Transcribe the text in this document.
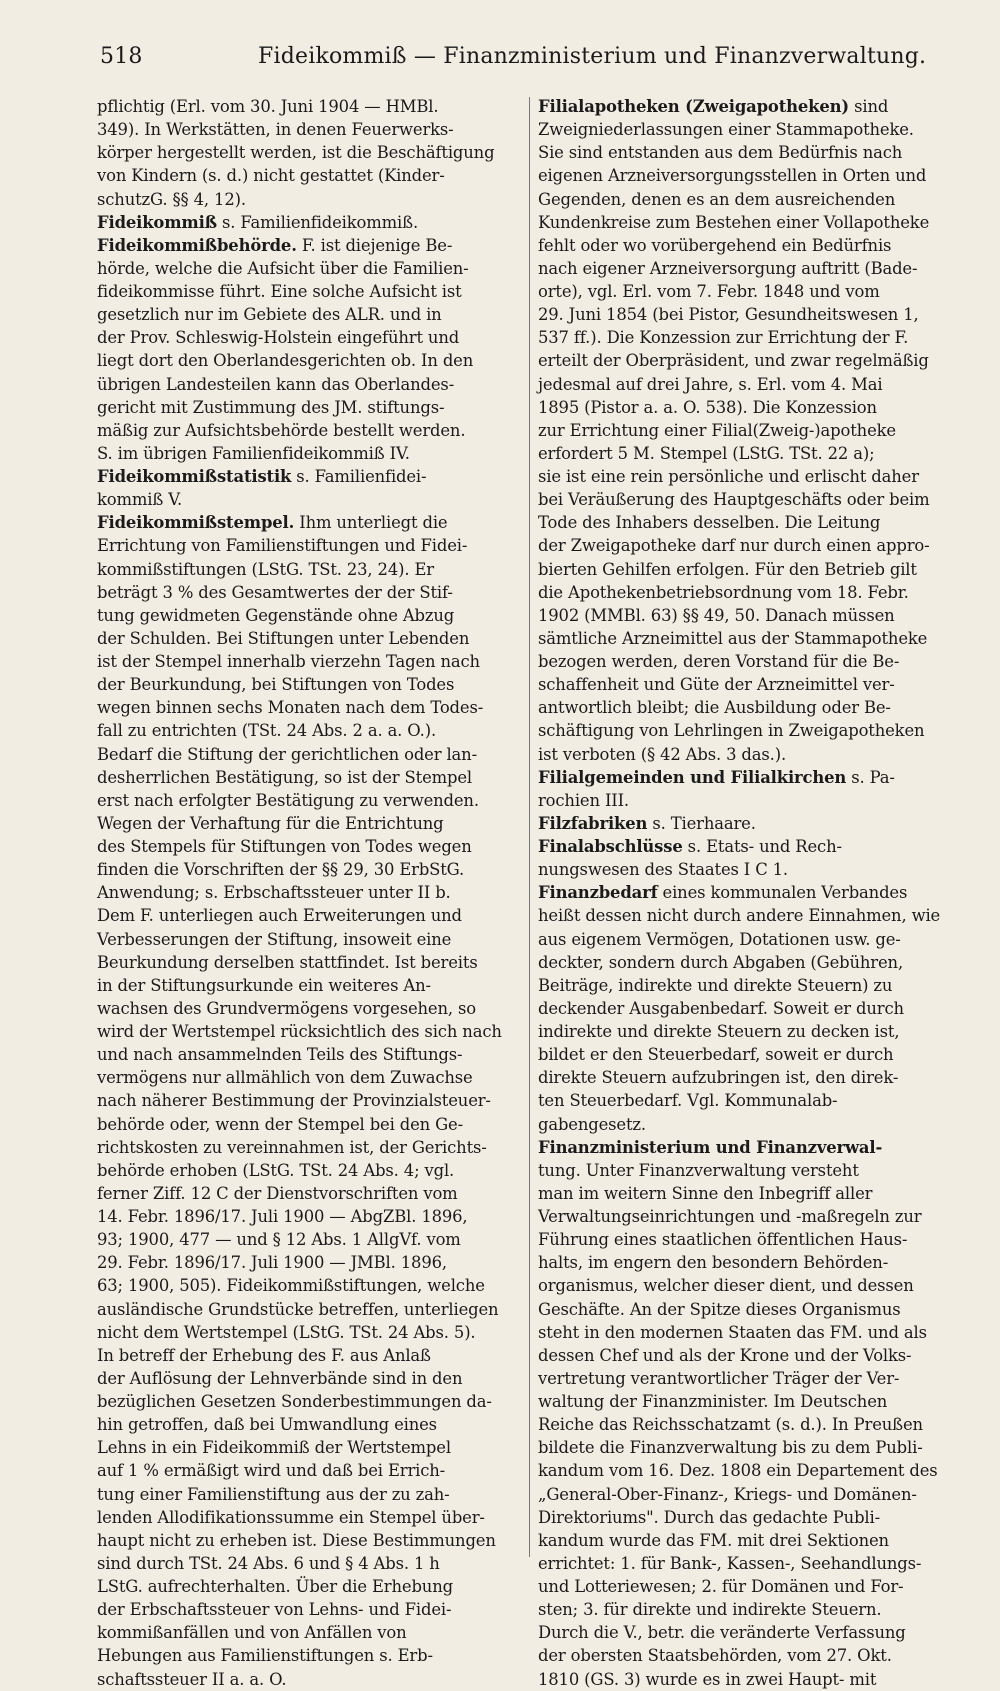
518	Fideikommiß — Finanzministerium und Finanzverwaltung.
pflichtig (Erl. vom 30. Juni 1904 — HMBl.
349). In Werkstätten, in denen Feuerwerks-
körper hergestellt werden, ist die Beschäftigung
von Kindern (s. d.) nicht gestattet (Kinder-
schutzG. §§ 4, 12).
Fideikommiß s. Familienfideikommiß.
Fideikommißbehörde. F. ist diejenige Be-
hörde, welche die Aufsicht über die Familien-
fideikommisse führt. Eine solche Aufsicht ist
gesetzlich nur im Gebiete des ALR. und in
der Prov. Schleswig-Holstein eingeführt und
liegt dort den Oberlandesgerichten ob. In den
übrigen Landesteilen kann das Oberlandes-
gericht mit Zustimmung des JM. stiftungs-
mäßig zur Aufsichtsbehörde bestellt werden.
S. im übrigen Familienfideikommiß IV.
Fideikommißstatistik s. Familienfidei-
kommiß V.
Fideikommißstempel. Ihm unterliegt die
Errichtung von Familienstiftungen und Fidei-
kommißstiftungen (LStG. TSt. 23, 24). Er
beträgt 3 % des Gesamtwertes der der Stif-
tung gewidmeten Gegenstände ohne Abzug
der Schulden. Bei Stiftungen unter Lebenden
ist der Stempel innerhalb vierzehn Tagen nach
der Beurkundung, bei Stiftungen von Todes
wegen binnen sechs Monaten nach dem Todes-
fall zu entrichten (TSt. 24 Abs. 2 a. a. O.).
Bedarf die Stiftung der gerichtlichen oder lan-
desherrlichen Bestätigung, so ist der Stempel
erst nach erfolgter Bestätigung zu verwenden.
Wegen der Verhaftung für die Entrichtung
des Stempels für Stiftungen von Todes wegen
finden die Vorschriften der §§ 29, 30 ErbStG.
Anwendung; s. Erbschaftssteuer unter II b.
Dem F. unterliegen auch Erweiterungen und
Verbesserungen der Stiftung, insoweit eine
Beurkundung derselben stattfindet. Ist bereits
in der Stiftungsurkunde ein weiteres An-
wachsen des Grundvermögens vorgesehen, so
wird der Wertstempel rücksichtlich des sich nach
und nach ansammelnden Teils des Stiftungs-
vermögens nur allmählich von dem Zuwachse
nach näherer Bestimmung der Provinzialsteuer-
behörde oder, wenn der Stempel bei den Ge-
richtskosten zu vereinnahmen ist, der Gerichts-
behörde erhoben (LStG. TSt. 24 Abs. 4; vgl.
ferner Ziff. 12 C der Dienstvorschriften vom
14. Febr. 1896/17. Juli 1900 — AbgZBl. 1896,
93; 1900, 477 — und § 12 Abs. 1 AllgVf. vom
29. Febr. 1896/17. Juli 1900 — JMBl. 1896,
63; 1900, 505). Fideikommißstiftungen, welche
ausländische Grundstücke betreffen, unterliegen
nicht dem Wertstempel (LStG. TSt. 24 Abs. 5).
In betreff der Erhebung des F. aus Anlaß
der Auflösung der Lehnverbände sind in den
bezüglichen Gesetzen Sonderbestimmungen da-
hin getroffen, daß bei Umwandlung eines
Lehns in ein Fideikommiß der Wertstempel
auf 1 % ermäßigt wird und daß bei Errich-
tung einer Familienstiftung aus der zu zah-
lenden Allodifikationssumme ein Stempel über-
haupt nicht zu erheben ist. Diese Bestimmungen
sind durch TSt. 24 Abs. 6 und § 4 Abs. 1 h
LStG. aufrechterhalten. Über die Erhebung
der Erbschaftssteuer von Lehns- und Fidei-
kommißanfällen und von Anfällen von
Hebungen aus Familienstiftungen s. Erb-
schaftssteuer II a. a. O.
Filialapotheken (Zweigapotheken) sind
Zweigniederlassungen einer Stammapotheke.
Sie sind entstanden aus dem Bedürfnis nach
eigenen Arzneiversorgungsstellen in Orten und
Gegenden, denen es an dem ausreichenden
Kundenkreise zum Bestehen einer Vollapotheke
fehlt oder wo vorübergehend ein Bedürfnis
nach eigener Arzneiversorgung auftritt (Bade-
orte), vgl. Erl. vom 7. Febr. 1848 und vom
29. Juni 1854 (bei Pistor, Gesundheitswesen 1,
537 ff.). Die Konzession zur Errichtung der F.
erteilt der Oberpräsident, und zwar regelmäßig
jedesmal auf drei Jahre, s. Erl. vom 4. Mai
1895 (Pistor a. a. O. 538). Die Konzession
zur Errichtung einer Filial(Zweig-)apotheke
erfordert 5 M. Stempel (LStG. TSt. 22 a);
sie ist eine rein persönliche und erlischt daher
bei Veräußerung des Hauptgeschäfts oder beim
Tode des Inhabers desselben. Die Leitung
der Zweigapotheke darf nur durch einen appro-
bierten Gehilfen erfolgen. Für den Betrieb gilt
die Apothekenbetriebsordnung vom 18. Febr.
1902 (MMBl. 63) §§ 49, 50. Danach müssen
sämtliche Arzneimittel aus der Stammapotheke
bezogen werden, deren Vorstand für die Be-
schaffenheit und Güte der Arzneimittel ver-
antwortlich bleibt; die Ausbildung oder Be-
schäftigung von Lehrlingen in Zweigapotheken
ist verboten (§ 42 Abs. 3 das.).
Filialgemeinden und Filialkirchen s. Pa-
rochien III.
Filzfabriken s. Tierhaare.
Finalabschlüsse s. Etats- und Rech-
nungswesen des Staates I C 1.
Finanzbedarf eines kommunalen Verbandes
heißt dessen nicht durch andere Einnahmen, wie
aus eigenem Vermögen, Dotationen usw. ge-
deckter, sondern durch Abgaben (Gebühren,
Beiträge, indirekte und direkte Steuern) zu
deckender Ausgabenbedarf. Soweit er durch
indirekte und direkte Steuern zu decken ist,
bildet er den Steuerbedarf, soweit er durch
direkte Steuern aufzubringen ist, den direk-
ten Steuerbedarf. Vgl. Kommunalab-
gabengesetz.
Finanzministerium und Finanzverwal-
tung. Unter Finanzverwaltung versteht
man im weitern Sinne den Inbegriff aller
Verwaltungseinrichtungen und -maßregeln zur
Führung eines staatlichen öffentlichen Haus-
halts, im engern den besondern Behörden-
organismus, welcher dieser dient, und dessen
Geschäfte. An der Spitze dieses Organismus
steht in den modernen Staaten das FM. und als
dessen Chef und als der Krone und der Volks-
vertretung verantwortlicher Träger der Ver-
waltung der Finanzminister. Im Deutschen
Reiche das Reichsschatzamt (s. d.). In Preußen
bildete die Finanzverwaltung bis zu dem Publi-
kandum vom 16. Dez. 1808 ein Departement des
„General-Ober-Finanz-, Kriegs- und Domänen-
Direktoriums". Durch das gedachte Publi-
kandum wurde das FM. mit drei Sektionen
errichtet: 1. für Bank-, Kassen-, Seehandlungs-
und Lotteriewesen; 2. für Domänen und For-
sten; 3. für direkte und indirekte Steuern.
Durch die V., betr. die veränderte Verfassung
der obersten Staatsbehörden, vom 27. Okt.
1810 (GS. 3) wurde es in zwei Haupt- mit
